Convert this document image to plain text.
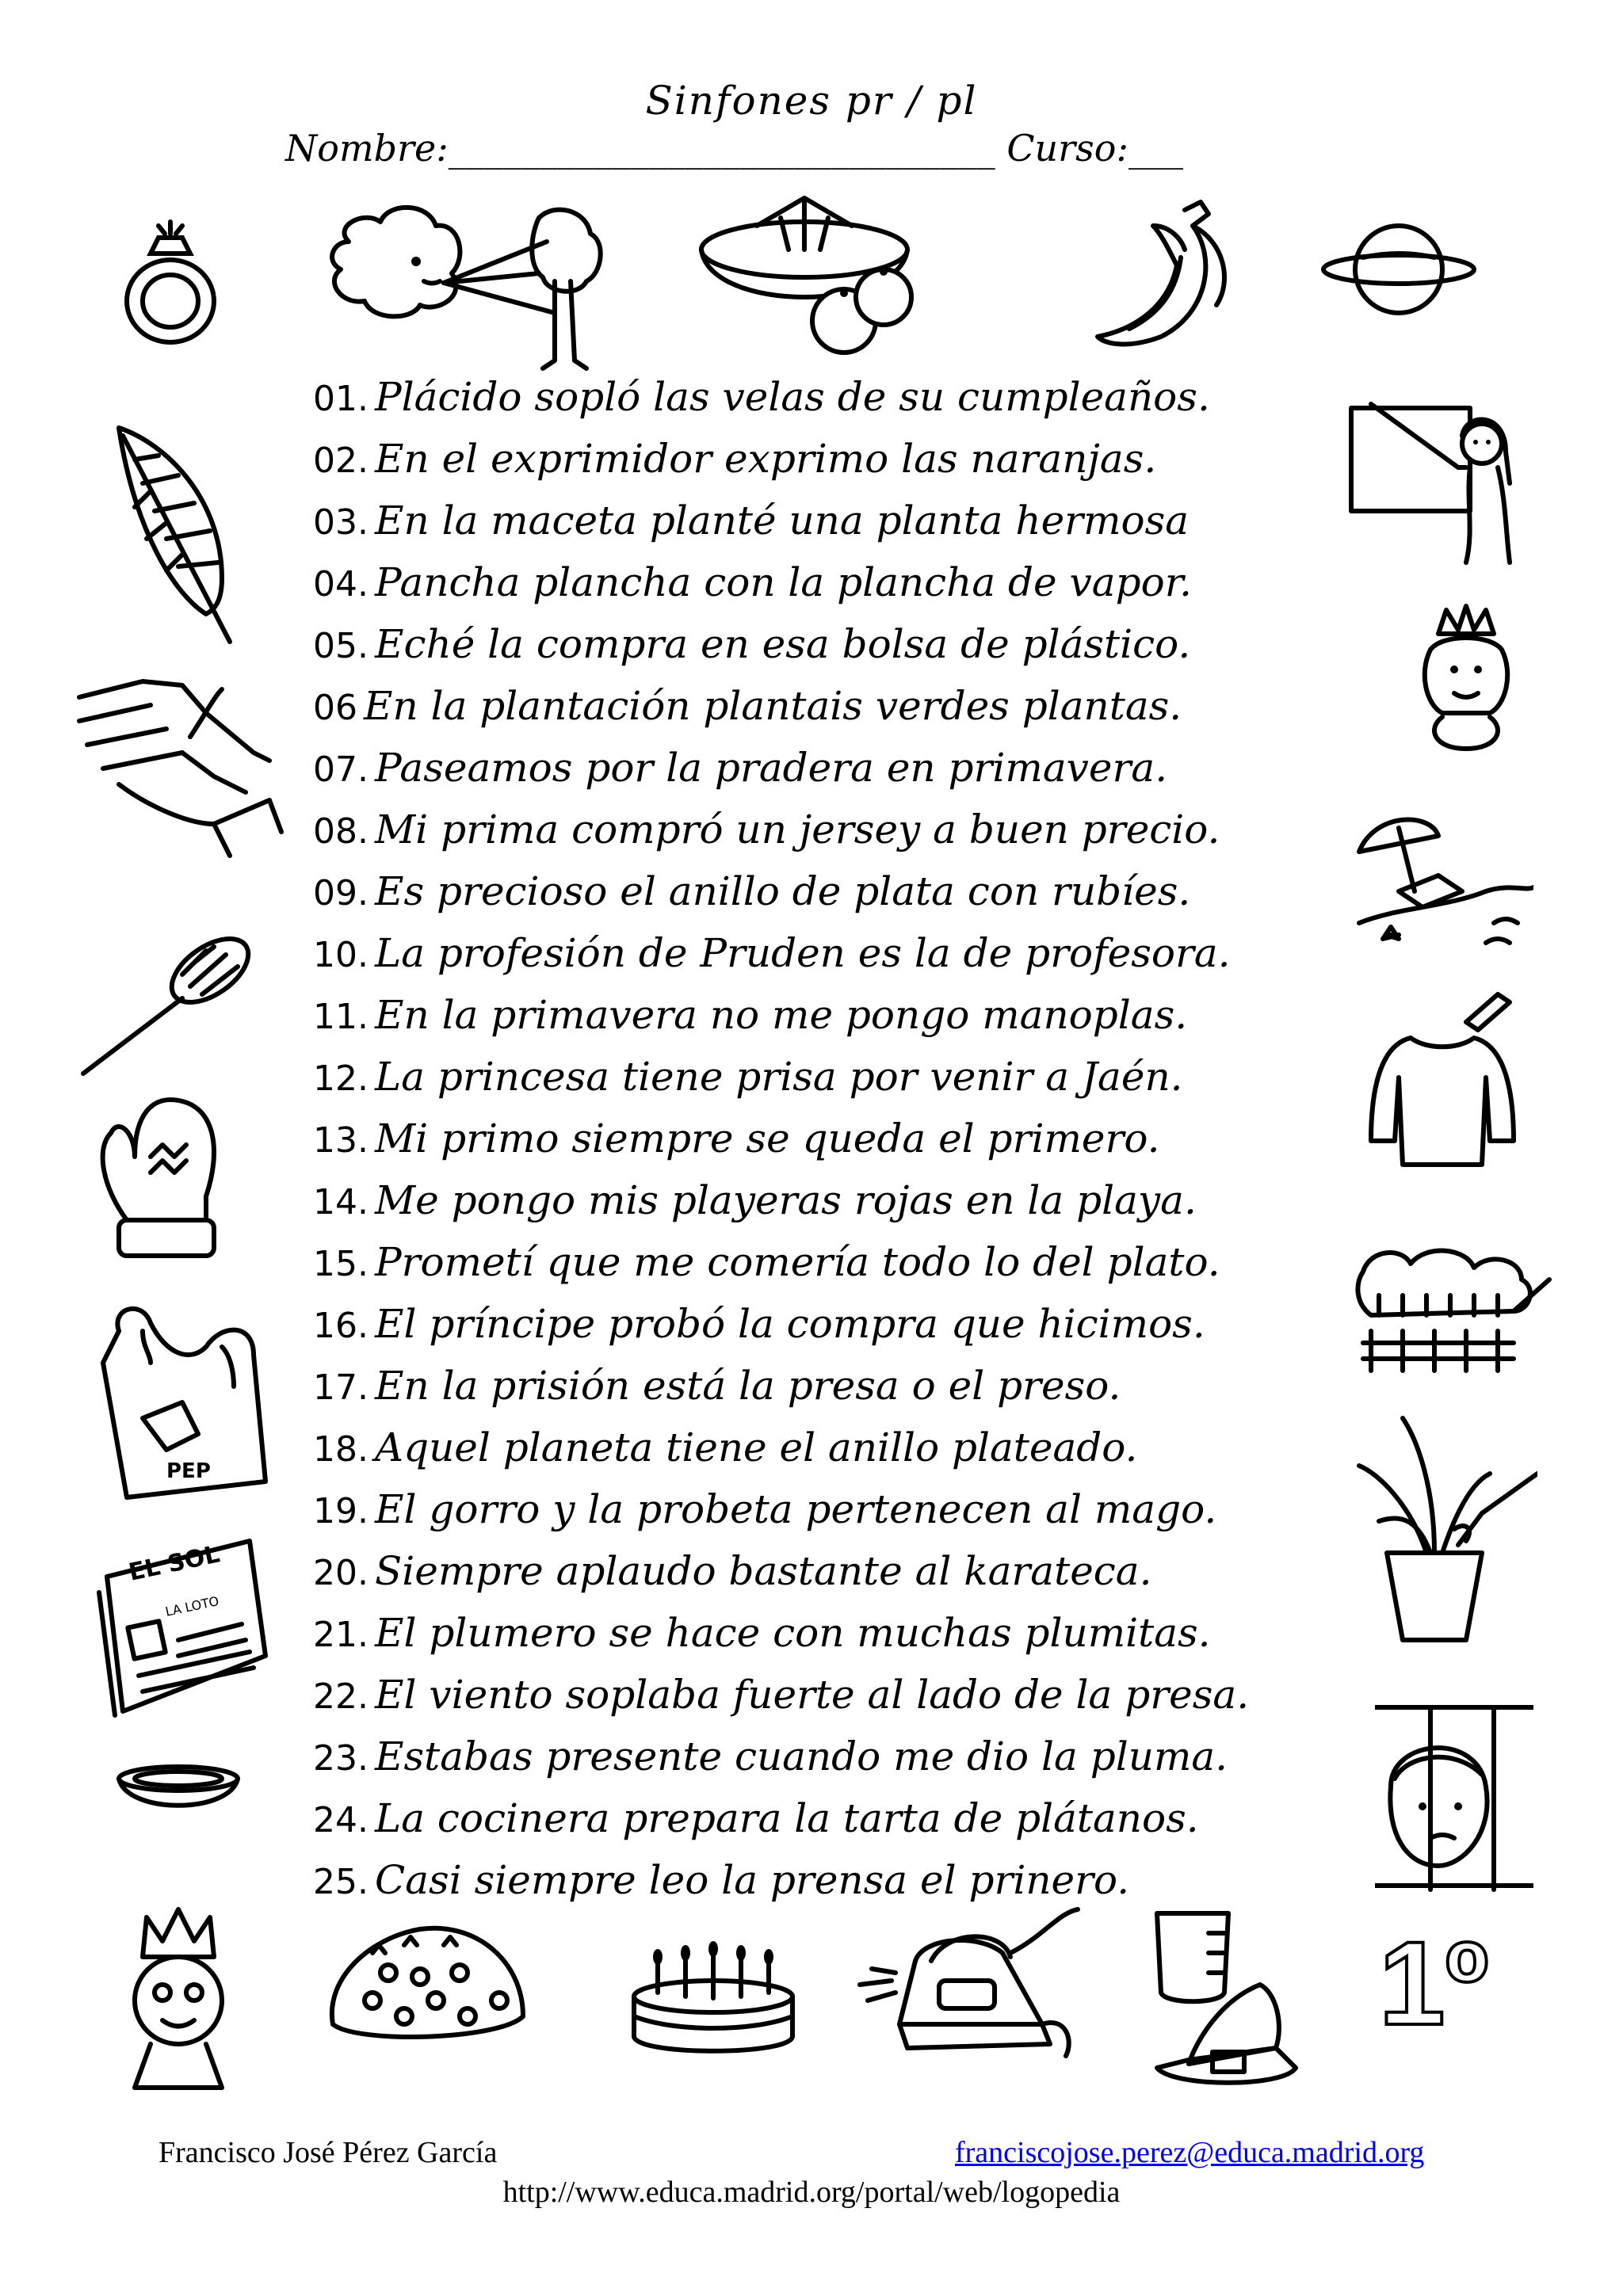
Sinfones pr / pl
Nombre:______________________________ Curso:___
PEP
EL SOL
LA LOTO
1º
01. Plácido sopló las velas de su cumpleaños.
02. En el exprimidor exprimo las naranjas.
03. En la maceta planté una planta hermosa
04. Pancha plancha con la plancha de vapor.
05. Eché la compra en esa bolsa de plástico.
06 En la plantación plantais verdes plantas.
07. Paseamos por la pradera en primavera.
08. Mi prima compró un jersey a buen precio.
09. Es precioso el anillo de plata con rubíes.
10. La profesión de Pruden es la de profesora.
11. En la primavera no me pongo manoplas.
12. La princesa tiene prisa por venir a Jaén.
13. Mi primo siempre se queda el primero.
14. Me pongo mis playeras rojas en la playa.
15. Prometí que me comería todo lo del plato.
16. El príncipe probó la compra que hicimos.
17. En la prisión está la presa o el preso.
18. Aquel planeta tiene el anillo plateado.
19. El gorro y la probeta pertenecen al mago.
20. Siempre aplaudo bastante al karateca.
21. El plumero se hace con muchas plumitas.
22. El viento soplaba fuerte al lado de la presa.
23. Estabas presente cuando me dio la pluma.
24. La cocinera prepara la tarta de plátanos.
25. Casi siempre leo la prensa el prinero.
Francisco José Pérez García	franciscojose.perez@educa.madrid.org
http://www.educa.madrid.org/portal/web/logopedia
